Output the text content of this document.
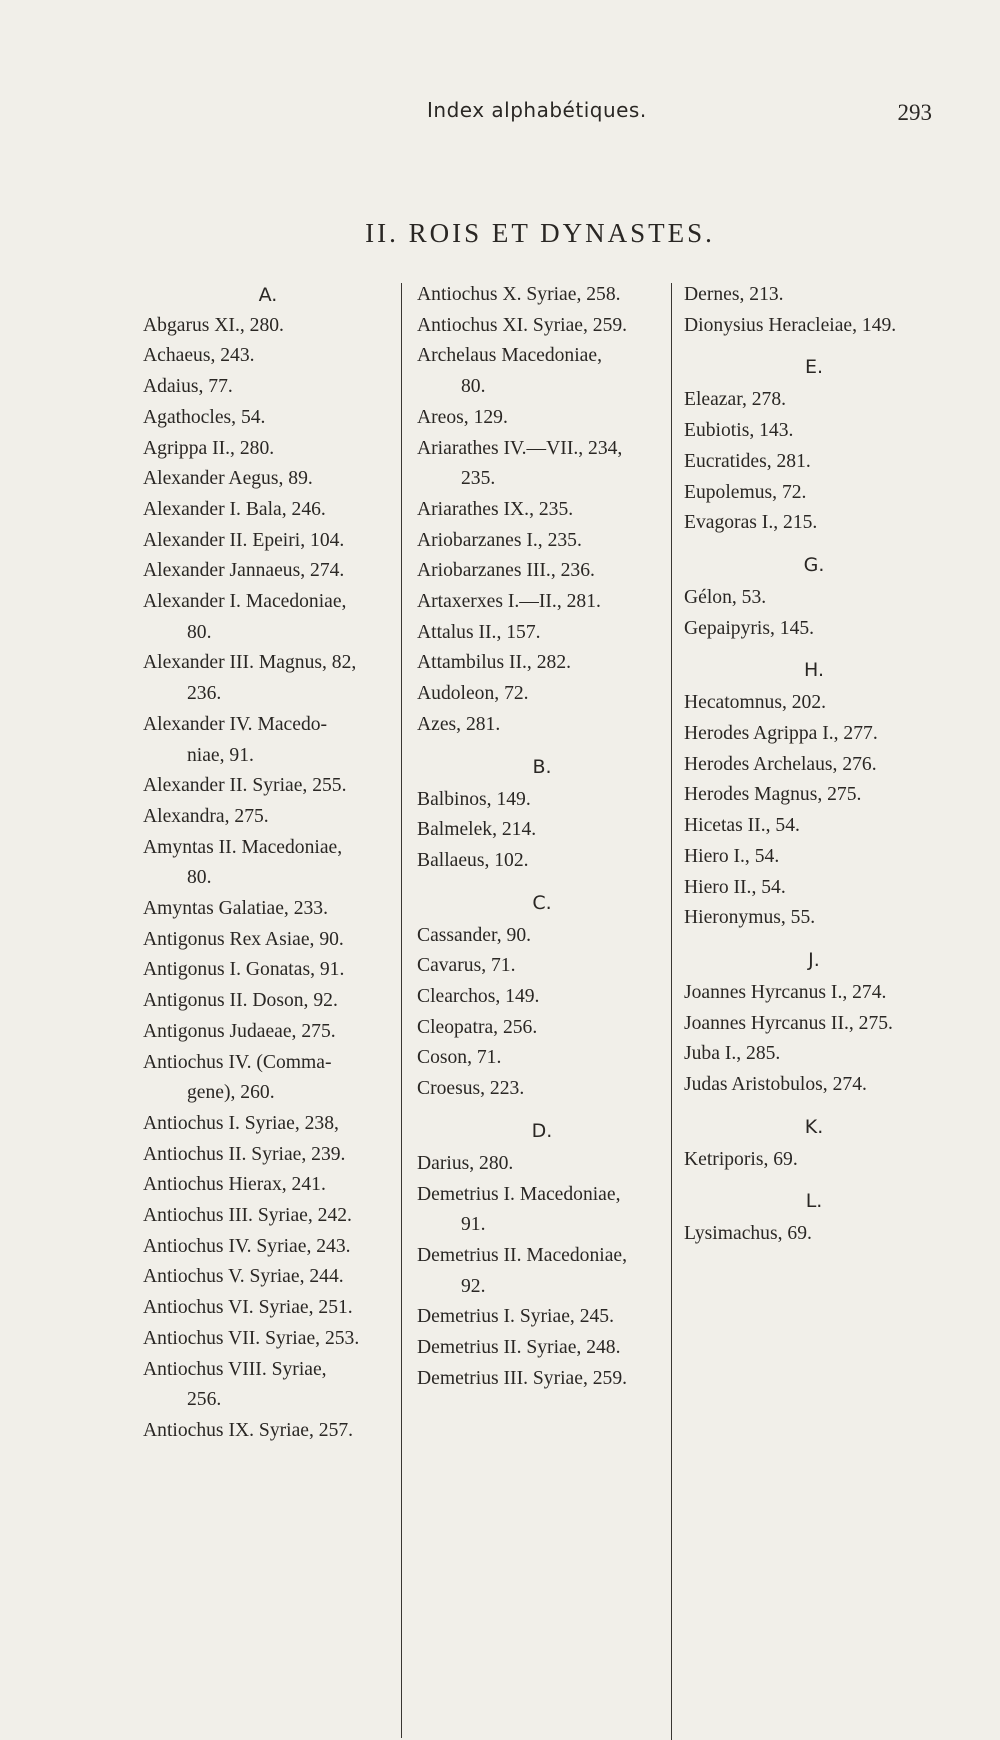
Index alphabétiques.	293
II. ROIS ET DYNASTES.
A.
Abgarus XI., 280.
Achaeus, 243.
Adaius, 77.
Agathocles, 54.
Agrippa II., 280.
Alexander Aegus, 89.
Alexander I. Bala, 246.
Alexander II. Epeiri, 104.
Alexander Jannaeus, 274.
Alexander I. Macedoniae,
80.
Alexander III. Magnus, 82,
236.
Alexander IV. Macedo-
niae, 91.
Alexander II. Syriae, 255.
Alexandra, 275.
Amyntas II. Macedoniae,
80.
Amyntas Galatiae, 233.
Antigonus Rex Asiae, 90.
Antigonus I. Gonatas, 91.
Antigonus II. Doson, 92.
Antigonus Judaeae, 275.
Antiochus IV. (Comma-
gene), 260.
Antiochus I. Syriae, 238,
Antiochus II. Syriae, 239.
Antiochus Hierax, 241.
Antiochus III. Syriae, 242.
Antiochus IV. Syriae, 243.
Antiochus V. Syriae, 244.
Antiochus VI. Syriae, 251.
Antiochus VII. Syriae, 253.
Antiochus VIII. Syriae,
256.
Antiochus IX. Syriae, 257.
Antiochus X. Syriae, 258.
Antiochus XI. Syriae, 259.
Archelaus Macedoniae,
80.
Areos, 129.
Ariarathes IV.—VII., 234,
235.
Ariarathes IX., 235.
Ariobarzanes I., 235.
Ariobarzanes III., 236.
Artaxerxes I.—II., 281.
Attalus II., 157.
Attambilus II., 282.
Audoleon, 72.
Azes, 281.
B.
Balbinos, 149.
Balmelek, 214.
Ballaeus, 102.
C.
Cassander, 90.
Cavarus, 71.
Clearchos, 149.
Cleopatra, 256.
Coson, 71.
Croesus, 223.
D.
Darius, 280.
Demetrius I. Macedoniae,
91.
Demetrius II. Macedoniae,
92.
Demetrius I. Syriae, 245.
Demetrius II. Syriae, 248.
Demetrius III. Syriae, 259.
Dernes, 213.
Dionysius Heracleiae, 149.
E.
Eleazar, 278.
Eubiotis, 143.
Eucratides, 281.
Eupolemus, 72.
Evagoras I., 215.
G.
Gélon, 53.
Gepaipyris, 145.
H.
Hecatomnus, 202.
Herodes Agrippa I., 277.
Herodes Archelaus, 276.
Herodes Magnus, 275.
Hicetas II., 54.
Hiero I., 54.
Hiero II., 54.
Hieronymus, 55.
J.
Joannes Hyrcanus I., 274.
Joannes Hyrcanus II., 275.
Juba I., 285.
Judas Aristobulos, 274.
K.
Ketriporis, 69.
L.
Lysimachus, 69.
